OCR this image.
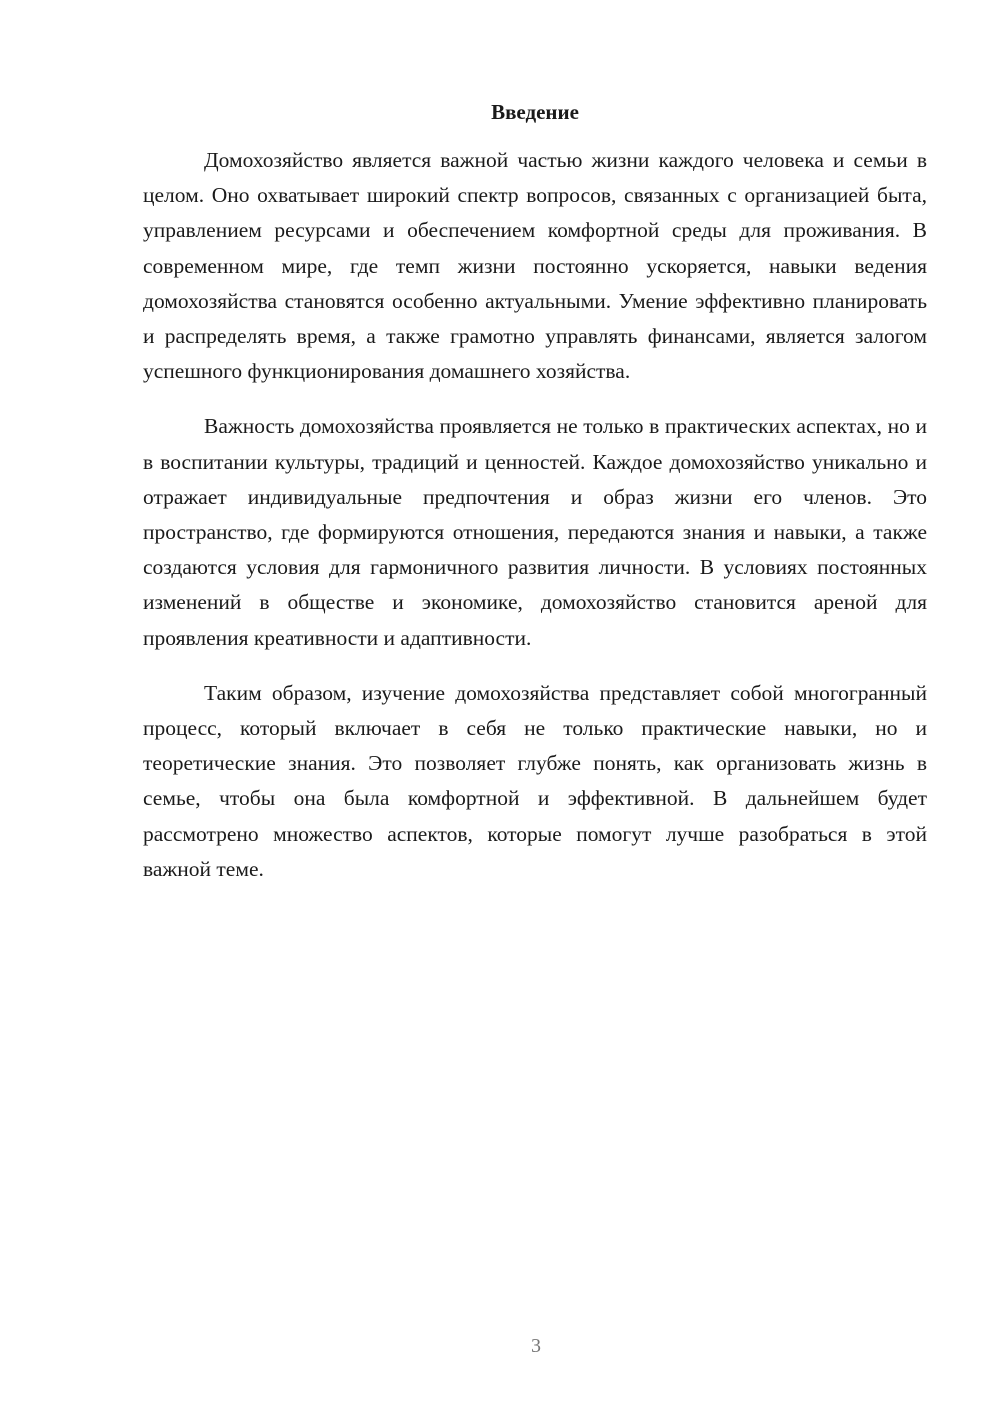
Введение

Домохозяйство является важной частью жизни каждого человека и семьи в целом. Оно охватывает широкий спектр вопросов, связанных с организацией быта, управлением ресурсами и обеспечением комфортной среды для проживания. В современном мире, где темп жизни постоянно ускоряется, навыки ведения домохозяйства становятся особенно актуальными. Умение эффективно планировать и распределять время, а также грамотно управлять финансами, является залогом успешного функционирования домашнего хозяйства.

Важность домохозяйства проявляется не только в практических аспектах, но и в воспитании культуры, традиций и ценностей. Каждое домохозяйство уникально и отражает индивидуальные предпочтения и образ жизни его членов. Это пространство, где формируются отношения, передаются знания и навыки, а также создаются условия для гармоничного развития личности. В условиях постоянных изменений в обществе и экономике, домохозяйство становится ареной для проявления креативности и адаптивности.

Таким образом, изучение домохозяйства представляет собой многогранный процесс, который включает в себя не только практические навыки, но и теоретические знания. Это позволяет глубже понять, как организовать жизнь в семье, чтобы она была комфортной и эффективной. В дальнейшем будет рассмотрено множество аспектов, которые помогут лучше разобраться в этой важной теме.

3
